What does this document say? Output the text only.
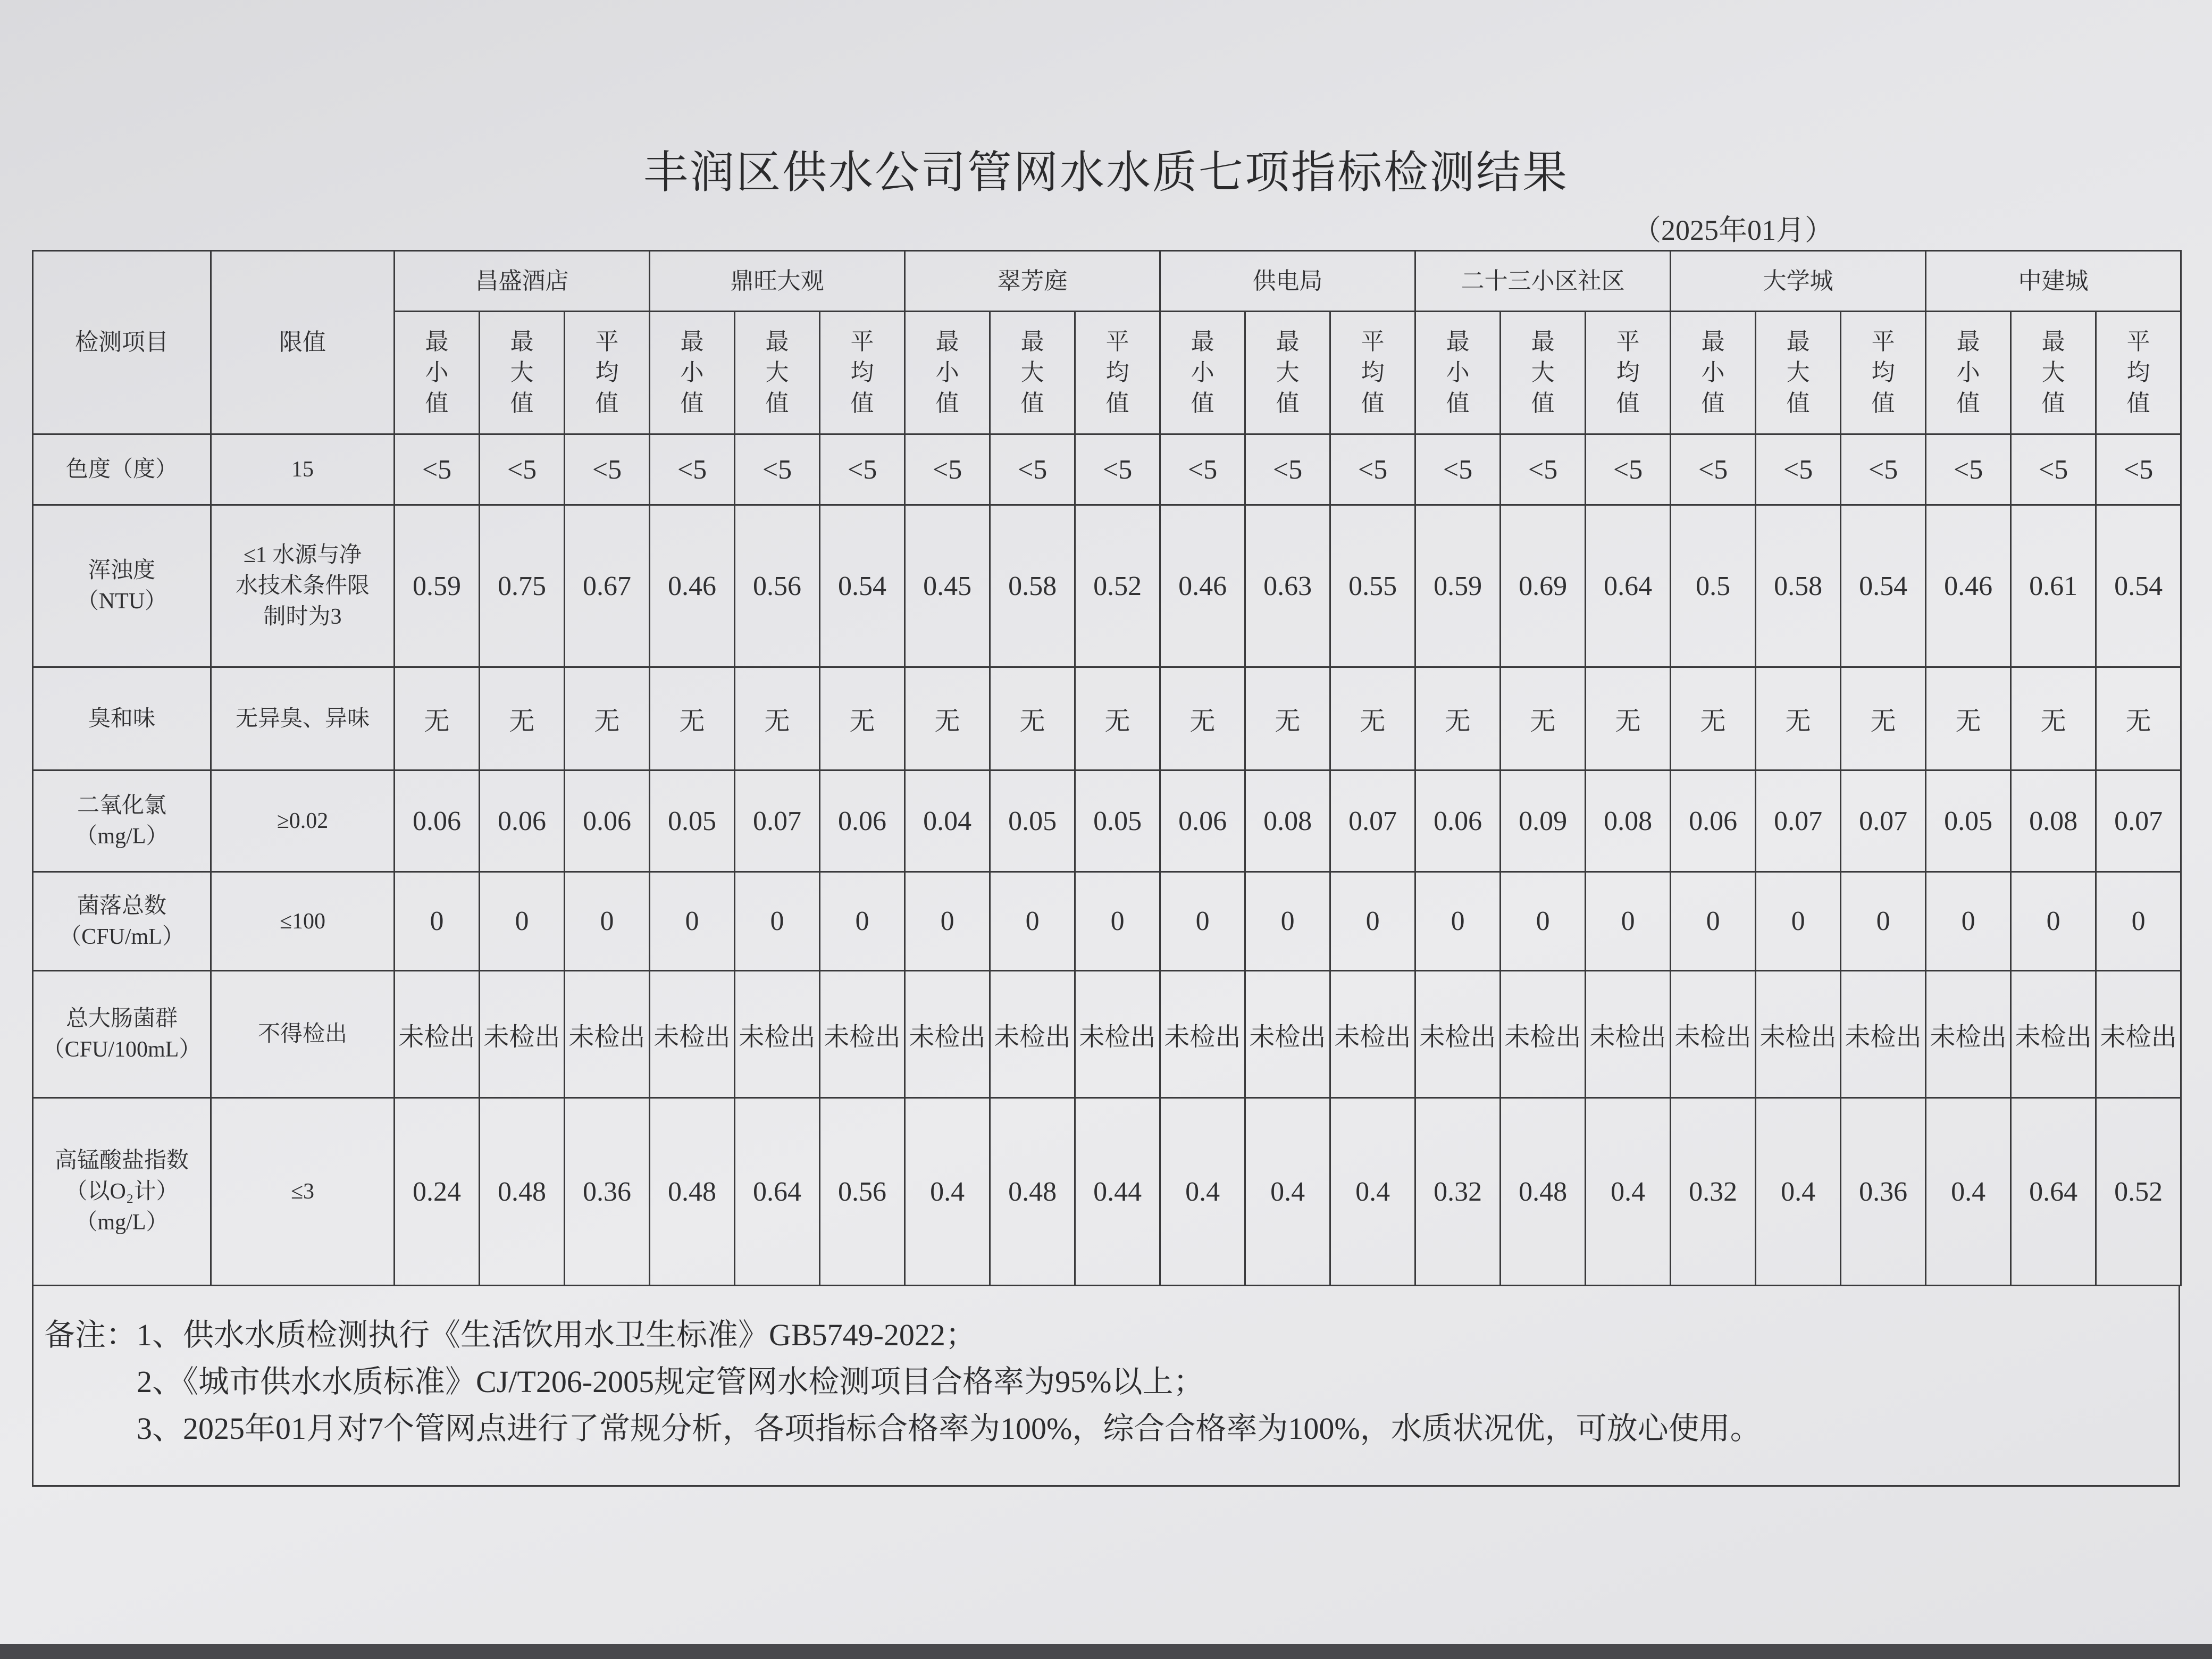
丰润区供水公司管网水水质七项指标检测结果
（2025年01月）
检测项目	限值	昌盛酒店			鼎旺大观			翠芳庭			供电局			二十三小区社区			大学城			中建城		
		最小值	最大值	平均值	最小值	最大值	平均值	最小值	最大值	平均值	最小值	最大值	平均值	最小值	最大值	平均值	最小值	最大值	平均值	最小值	最大值	平均值

色度（度）	15	<5	<5	<5	<5	<5	<5	<5	<5	<5	<5	<5	<5	<5	<5	<5	<5	<5	<5	<5	<5	<5

浑浊度
（NTU）	≤1 水源与净
水技术条件限
制时为3	0.59	0.75	0.67	0.46	0.56	0.54	0.45	0.58	0.52	0.46	0.63	0.55	0.59	0.69	0.64	0.5	0.58	0.54	0.46	0.61	0.54

臭和味	无异臭、异味	无	无	无	无	无	无	无	无	无	无	无	无	无	无	无	无	无	无	无	无	无

二氧化氯
（mg/L）	≥0.02	0.06	0.06	0.06	0.05	0.07	0.06	0.04	0.05	0.05	0.06	0.08	0.07	0.06	0.09	0.08	0.06	0.07	0.07	0.05	0.08	0.07

菌落总数
（CFU/mL）	≤100	0	0	0	0	0	0	0	0	0	0	0	0	0	0	0	0	0	0	0	0	0

总大肠菌群
（CFU/100mL）	不得检出	未检出	未检出	未检出	未检出	未检出	未检出	未检出	未检出	未检出	未检出	未检出	未检出	未检出	未检出	未检出	未检出	未检出	未检出	未检出	未检出	未检出

高锰酸盐指数
（以O₂计）
（mg/L）	≤3	0.24	0.48	0.36	0.48	0.64	0.56	0.4	0.48	0.44	0.4	0.4	0.4	0.32	0.48	0.4	0.32	0.4	0.36	0.4	0.64	0.52
备注： 1、供水水质检测执行《生活饮用水卫生标准》GB5749-2022；
2、《城市供水水质标准》CJ/T206-2005规定管网水检测项目合格率为95%以上；
3、2025年01月对7个管网点进行了常规分析，各项指标合格率为100%，综合合格率为100%，水质状况优，可放心使用。
